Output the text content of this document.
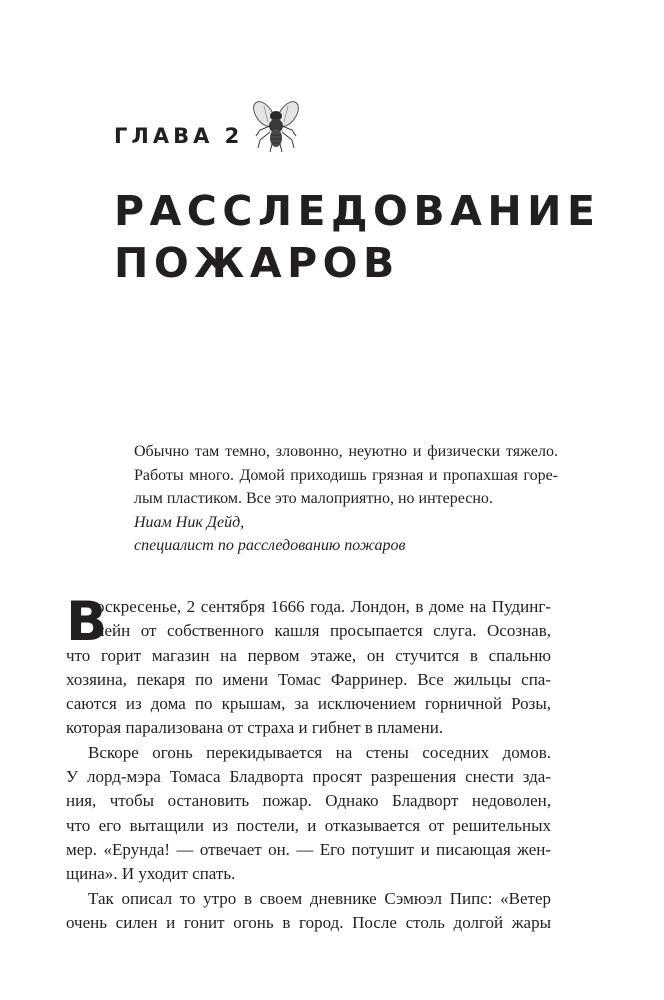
ГЛАВА 2
РАССЛЕДОВАНИЕ
ПОЖАРОВ

Обычно там темно, зловонно, неуютно и физически тяжело.
Работы много. Домой приходишь грязная и пропахшая горе-
лым пластиком. Все это малоприятно, но интересно.

Ниам Ник Дейд,
специалист по расследованию пожаров

В
оскресенье, 2 сентября 1666 года. Лондон, в доме на Пудинг-
лейн от собственного кашля просыпается слуга. Осознав,
что горит магазин на первом этаже, он стучится в спальню
хозяина, пекаря по имени Томас Фарринер. Все жильцы спа-
саются из дома по крышам, за исключением горничной Розы,
которая парализована от страха и гибнет в пламени.
Вскоре огонь перекидывается на стены соседних домов.
У лорд-мэра Томаса Бладворта просят разрешения снести зда-
ния, чтобы остановить пожар. Однако Бладворт недоволен,
что его вытащили из постели, и отказывается от решительных
мер. «Ерунда! — отвечает он. — Его потушит и писающая жен-
щина». И уходит спать.
Так описал то утро в своем дневнике Сэмюэл Пипс: «Ветер
очень силен и гонит огонь в город. После столь долгой жары
